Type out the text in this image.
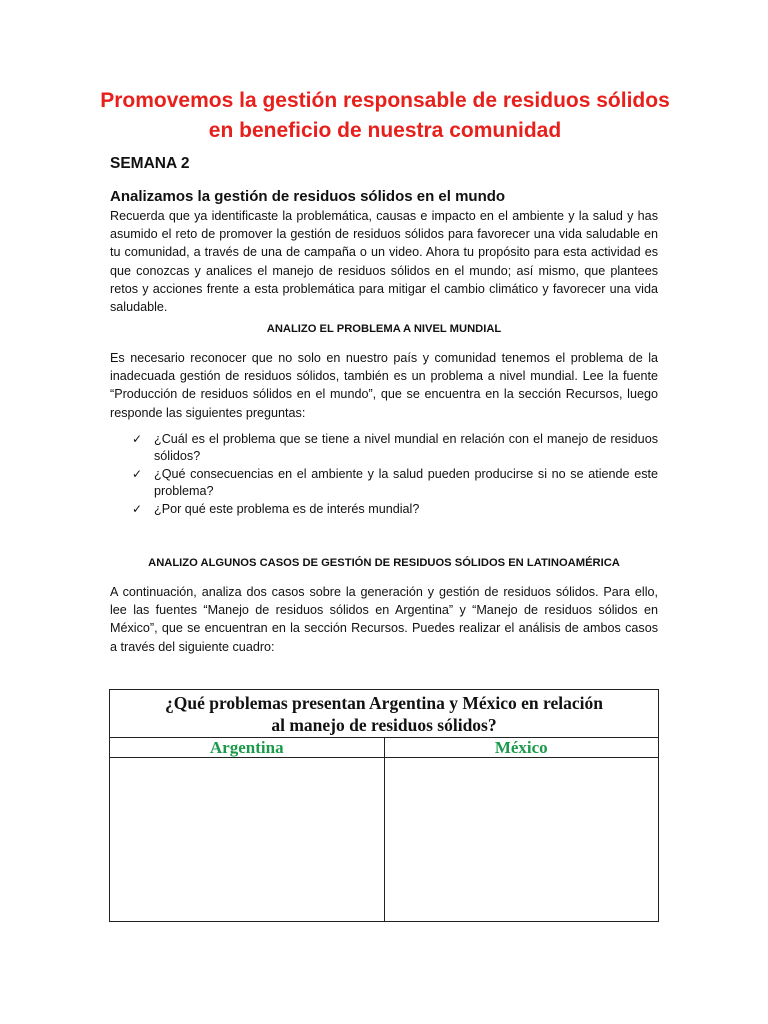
Promovemos la gestión responsable de residuos sólidos
en beneficio de nuestra comunidad

SEMANA 2

Analizamos la gestión de residuos sólidos en el mundo

Recuerda que ya identificaste la problemática, causas e impacto en el ambiente y la salud y has asumido el reto de promover la gestión de residuos sólidos para favorecer una vida saludable en tu comunidad, a través de una de campaña o un video. Ahora tu propósito para esta actividad es que conozcas y analices el manejo de residuos sólidos en el mundo; así mismo, que plantees retos y acciones frente a esta problemática para mitigar el cambio climático y favorecer una vida saludable.

ANALIZO EL PROBLEMA A NIVEL MUNDIAL

Es necesario reconocer que no solo en nuestro país y comunidad tenemos el problema de la inadecuada gestión de residuos sólidos, también es un problema a nivel mundial. Lee la fuente “Producción de residuos sólidos en el mundo”, que se encuentra en la sección Recursos, luego responde las siguientes preguntas:

✓ ¿Cuál es el problema que se tiene a nivel mundial en relación con el manejo de residuos sólidos?
✓ ¿Qué consecuencias en el ambiente y la salud pueden producirse si no se atiende este problema?
✓ ¿Por qué este problema es de interés mundial?

ANALIZO ALGUNOS CASOS DE GESTIÓN DE RESIDUOS SÓLIDOS EN LATINOAMÉRICA

A continuación, analiza dos casos sobre la generación y gestión de residuos sólidos. Para ello, lee las fuentes “Manejo de residuos sólidos en Argentina” y “Manejo de residuos sólidos en México”, que se encuentran en la sección Recursos. Puedes realizar el análisis de ambos casos a través del siguiente cuadro:

¿Qué problemas presentan Argentina y México en relación
al manejo de residuos sólidos?	
Argentina	México
